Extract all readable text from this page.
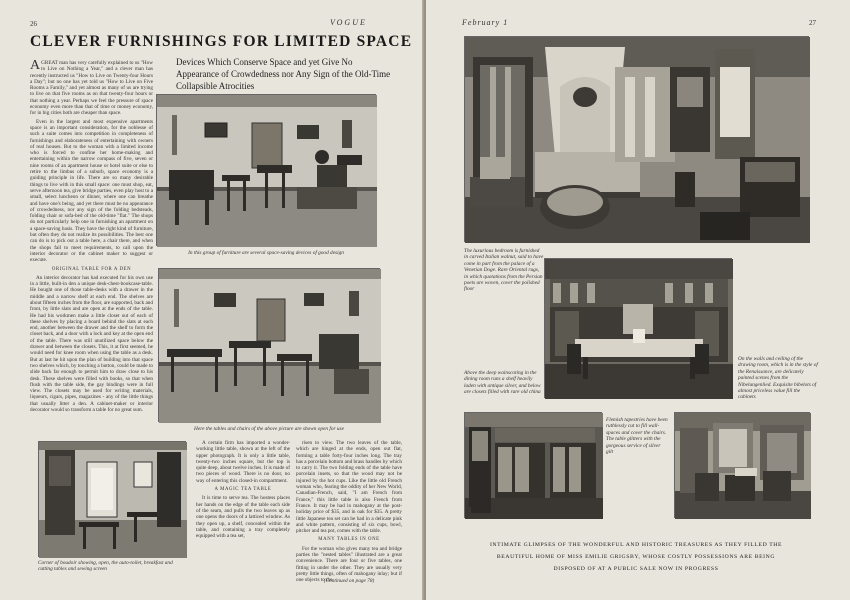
26	VOGUE
CLEVER FURNISHINGS FOR LIMITED SPACE
Devices Which Conserve Space and yet Give No Appearance of Crowdedness nor Any Sign of the Old-Time Collapsible Atrocities

AGREAT man has very carefully explained to us "How to Live on Nothing a Year," and a clever man has recently instructed us "How to Live on Twenty-four Hours a Day"; but no one has yet told us "How to Live on Five Rooms a Family," and yet almost as many of us are trying to live on that five rooms as on that twenty-four hours or that nothing a year. Perhaps we feel the pressure of space economy even more than that of time or money economy, for in big cities both are cheaper than space.

Even in the largest and most expensive apartments space is an important consideration, for the noblesse of such a suite comes into competition in completeness of furnishings and elaborateness of entertaining with owners of real houses. But to the woman with a limited income who is forced to confine her home-making and entertaining within the narrow compass of five, seven or nine rooms of an apartment house or hotel suite or else to retire to the limbus of a suburb, space economy is a guiding principle in life. There are so many desirable things to live with in this small space: one must shop, eat, serve afternoon tea, give bridge parties, even play host to a small, select luncheon or dinner, where one can breathe and have one's being, and yet there must be no appearance of crowdedness, nor any sign of the folding bedsteads, folding chair or sofa-bed of the old-time "flat." The shops do not particularly help one in furnishing an apartment on a space-saving basis. They have the right kind of furniture, but often they do not realize its possibilities. The best one can do is to pick out a table here, a chair there, and when the shops fail to meet requirements, to call upon the interior decorator or the cabinet maker to suggest or execute.

ORIGINAL TABLE FOR A DEN

An interior decorator has had executed for his own use in a little, built-in den a unique desk-chest-bookcase-table. He bought one of those table-desks with a drawer in the middle and a narrow shelf at each end. The shelves are about fifteen inches from the floor, are supported, back and front, by little slats and are open at the ends of the table. He had his workmen make a little closet out of each of these shelves by placing a board behind the slats at each end, another between the drawer and the shelf to form the closet back, and a door with a lock and key at the open end of the table. There was still unutilized space below the drawer and between the closets. This, it at first seemed, he would need for knee room when using the table as a desk. But at last he hit upon the plan of building into that space two shelves which, by touching a button, could be made to slide back far enough to permit him to draw close to his desk. These shelves were filled with books, so that when flush with the table side, the gay bindings were in full view. The closets may be used for writing materials, liqueurs, cigars, pipes, magazines - any of the little things that usually litter a den. A cabinet-maker or interior decorator would so transform a table for no great sum.

In this group of furniture are several space-saving devices of good design
Here the tables and chairs of the above picture are shown open for use
Corner of boudoir showing, open, the auto-toilet, breakfast and cutting tables and sewing screen

A certain firm has imported a wonder-working little table, shown at the left of the upper photograph. It is only a little table, twenty-two inches square, but the top is quite deep, about twelve inches. It is made of two pieces of wood. There is no door, no way of entering this closed-in compartment.

A MAGIC TEA TABLE

It is time to serve tea. The hostess places her hands on the edge of the table each side of the seam, and pulls the two leaves up as one opens the doors of a latticed window. As they open up, a shelf, concealed within the table, and containing a tray completely equipped with a tea set,

risen to view. The two leaves of the table, which are hinged at the ends, open out flat, forming a table forty-four inches long. The tray has a porcelain bottom and brass handles by which to carry it. The two folding ends of the table have porcelain insets, so that the wood may not be injured by the hot cups. Like the little old French woman who, fearing the oddity of her New World, Canadian-French, said, "I am French from France," this little table is also French from France. It may be had in mahogany at the post-holiday price of $35, and in oak for $35. A pretty little Japanese tea set can be had in a delicate pink and white pattern, consisting of six cups, bowl, pitcher and tea pot, comes with the table.

MANY TABLES IN ONE

For the woman who gives many tea and bridge parties the "nested tables" illustrated are a great convenience. There are four or five tables, one fitting in under the other. They are usually very pretty little things, often of mahogany inlay; but if one objects to the

(Continued on page 78)
February 1	27
The luxurious bedroom is furnished in carved Italian walnut, said to have come in part from the palace of a Venetian Doge. Rare Oriental rugs, in which quotations from the Persian poets are woven, cover the polished floor
Above the deep wainscoting in the dining room runs a shelf heavily laden with antique silver, and below are closets filled with rare old china
On the walls and ceiling of the drawing room, which is in the style of the Renaissance, are delicately painted scenes from the Nibelungenlied. Exquisite bibelots of almost priceless value fill the cabinets
Flemish tapestries have been ruthlessly cut to fill wall-spaces and cover the chairs. The table glitters with the gorgeous service of silver gilt
INTIMATE GLIMPSES OF THE WONDERFUL AND HISTORIC TREASURES AS THEY FILLED THE BEAUTIFUL HOME OF MISS EMILIE GRIGSBY, WHOSE COSTLY POSSESSIONS ARE BEING DISPOSED OF AT A PUBLIC SALE NOW IN PROGRESS
